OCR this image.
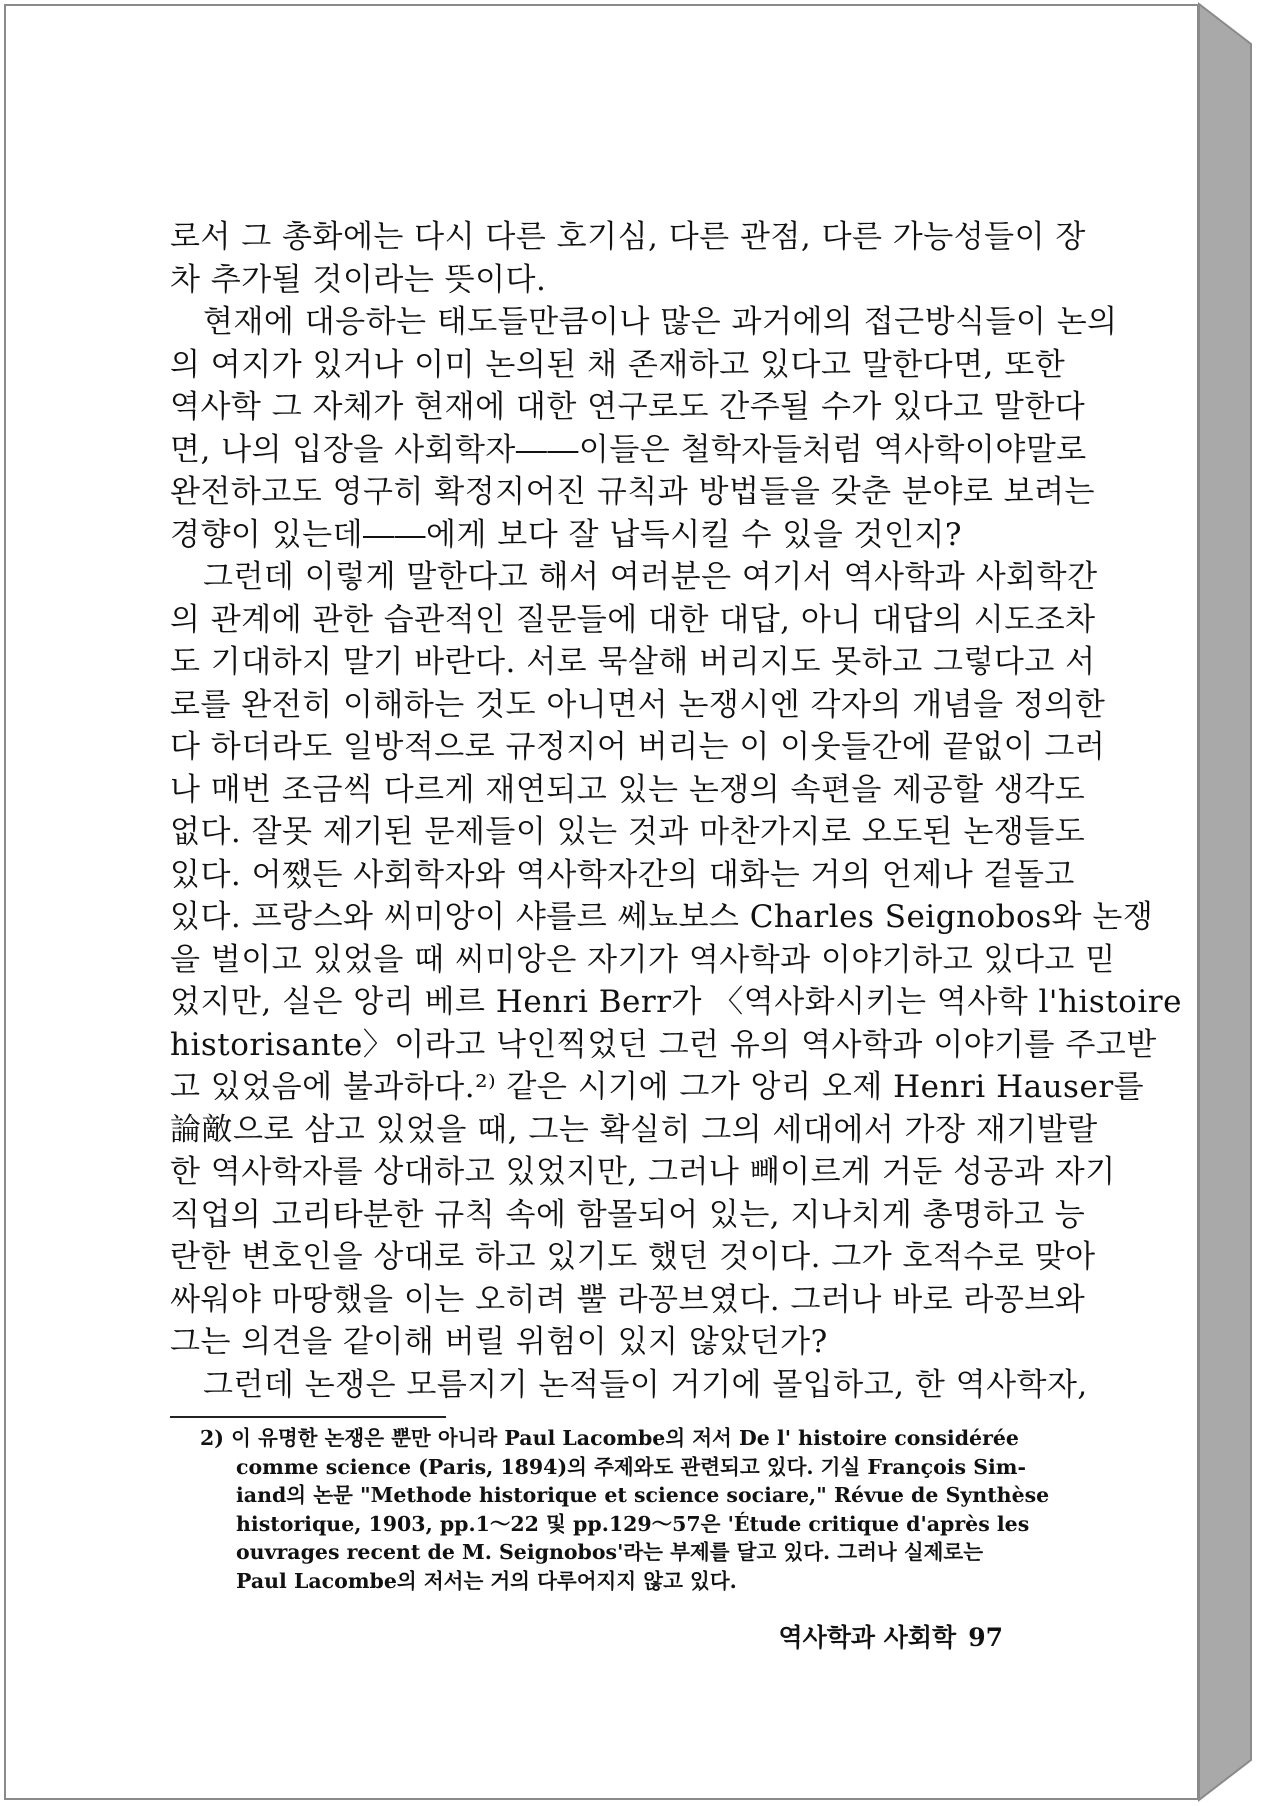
로서 그 총화에는 다시 다른 호기심, 다른 관점, 다른 가능성들이 장
차 추가될 것이라는 뜻이다.
현재에 대응하는 태도들만큼이나 많은 과거에의 접근방식들이 논의
의 여지가 있거나 이미 논의된 채 존재하고 있다고 말한다면, 또한
역사학 그 자체가 현재에 대한 연구로도 간주될 수가 있다고 말한다
면, 나의 입장을 사회학자――이들은 철학자들처럼 역사학이야말로
완전하고도 영구히 확정지어진 규칙과 방법들을 갖춘 분야로 보려는
경향이 있는데――에게 보다 잘 납득시킬 수 있을 것인지?
그런데 이렇게 말한다고 해서 여러분은 여기서 역사학과 사회학간
의 관계에 관한 습관적인 질문들에 대한 대답, 아니 대답의 시도조차
도 기대하지 말기 바란다. 서로 묵살해 버리지도 못하고 그렇다고 서
로를 완전히 이해하는 것도 아니면서 논쟁시엔 각자의 개념을 정의한
다 하더라도 일방적으로 규정지어 버리는 이 이웃들간에 끝없이 그러
나 매번 조금씩 다르게 재연되고 있는 논쟁의 속편을 제공할 생각도
없다. 잘못 제기된 문제들이 있는 것과 마찬가지로 오도된 논쟁들도
있다. 어쨌든 사회학자와 역사학자간의 대화는 거의 언제나 겉돌고
있다. 프랑스와 씨미앙이 샤를르 쎄뇨보스 Charles Seignobos와 논쟁
을 벌이고 있었을 때 씨미앙은 자기가 역사학과 이야기하고 있다고 믿
었지만, 실은 앙리 베르 Henri Berr가 〈역사화시키는 역사학 l'histoire
historisante〉이라고 낙인찍었던 그런 유의 역사학과 이야기를 주고받
고 있었음에 불과하다.²⁾ 같은 시기에 그가 앙리 오제 Henri Hauser를
論敵으로 삼고 있었을 때, 그는 확실히 그의 세대에서 가장 재기발랄
한 역사학자를 상대하고 있었지만, 그러나 빼이르게 거둔 성공과 자기
직업의 고리타분한 규칙 속에 함몰되어 있는, 지나치게 총명하고 능
란한 변호인을 상대로 하고 있기도 했던 것이다. 그가 호적수로 맞아
싸워야 마땅했을 이는 오히려 뿔 라꽁브였다. 그러나 바로 라꽁브와
그는 의견을 같이해 버릴 위험이 있지 않았던가?
그런데 논쟁은 모름지기 논적들이 거기에 몰입하고, 한 역사학자,
2) 이 유명한 논쟁은 뿐만 아니라 Paul Lacombe의 저서 De l' histoire considérée
comme science (Paris, 1894)의 주제와도 관련되고 있다. 기실 François Sim-
iand의 논문 "Methode historique et science sociare," Révue de Synthèse
historique, 1903, pp.1～22 및 pp.129～57은 'Étude critique d'après les
ouvrages recent de M. Seignobos'라는 부제를 달고 있다. 그러나 실제로는
Paul Lacombe의 저서는 거의 다루어지지 않고 있다.
역사학과 사회학 97
